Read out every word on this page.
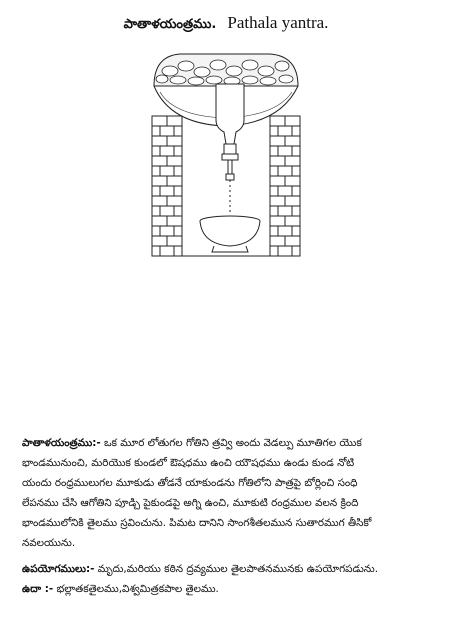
పాతాళయంత్రము. Pathala yantra.
పాతాళయంత్రము:- ఒక మూర లోతుగల గోతిని త్రవ్వి అందు వెడల్పు మూతిగల యొక
భాండమునుంచి, మరియొక కుండలో ఔషధము ఉంచి యౌషధము ఉండు కుండ నోటి
యందు రంధ్రములుగల మూకుడు తోడనే యాకుండను గోతిలోని పాత్రపై బోర్లించి సంధి
లేపనము చేసి ఆగోతిని పూడ్చి పైకుండపై అగ్ని ఉంచి, మూకుటి రంధ్రముల వలన క్రింది
భాండములోనికి తైలము స్రవించును. పిమట దానిని సాంగశీతలమున సుతారముగ తీసికో
నవలయును.
ఉపయోగములు:- మృదు,మరియు కఠిన ద్రవ్యముల తైలపాతనమునకు ఉపయోగపడును.
ఉదా :- భల్లాతకతైలము,విశ్వమిత్రకపాల తైలము.
